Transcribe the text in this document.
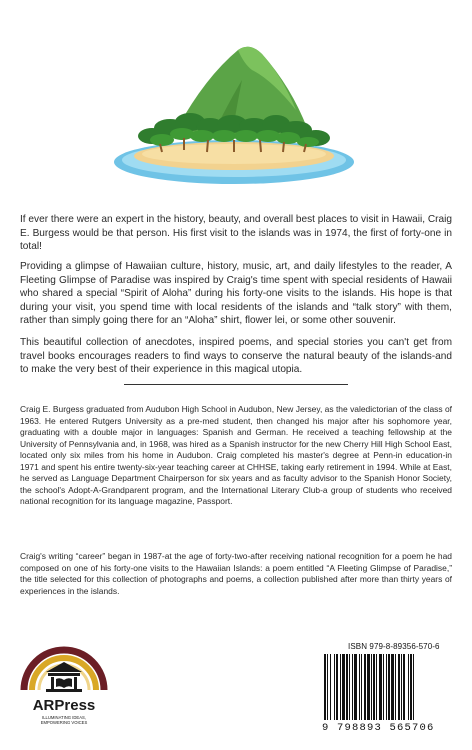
If ever there were an expert in the history, beauty, and overall best places to visit in Hawaii, Craig E. Burgess would be that person. His first visit to the islands was in 1974, the first of forty-one in total!

Providing a glimpse of Hawaiian culture, history, music, art, and daily lifestyles to the reader, A Fleeting Glimpse of Paradise was inspired by Craig's time spent with special residents of Hawaii who shared a special “Spirit of Aloha” during his forty-one visits to the islands. His hope is that during your visit, you spend time with local residents of the islands and “talk story” with them, rather than simply going there for an “Aloha” shirt, flower lei, or some other souvenir.

This beautiful collection of anecdotes, inspired poems, and special stories you can't get from travel books encourages readers to find ways to conserve the natural beauty of the islands-and to make the very best of their experience in this magical utopia.

Craig E. Burgess graduated from Audubon High School in Audubon, New Jersey, as the valedictorian of the class of 1963. He entered Rutgers University as a pre-med student, then changed his major after his sophomore year, graduating with a double major in languages: Spanish and German. He received a teaching fellowship at the University of Pennsylvania and, in 1968, was hired as a Spanish instructor for the new Cherry Hill High School East, located only six miles from his home in Audubon. Craig completed his master's degree at Penn-in education-in 1971 and spent his entire twenty-six-year teaching career at CHHSE, taking early retirement in 1994. While at East, he served as Language Department Chairperson for six years and as faculty advisor to the Spanish Honor Society, the school's Adopt-A-Grandparent program, and the International Literary Club-a group of students who received national recognition for its language magazine, Passport.

Craig's writing “career” began in 1987-at the age of forty-two-after receiving national recognition for a poem he had composed on one of his forty-one visits to the Hawaiian Islands: a poem entitled “A Fleeting Glimpse of Paradise,” the title selected for this collection of photographs and poems, a collection published after more than thirty years of experiences in the islands.

ARPress
ILLUMINATING IDEAS,
EMPOWERING VOICES
ISBN 979-8-89356-570-6
9 798893 565706
